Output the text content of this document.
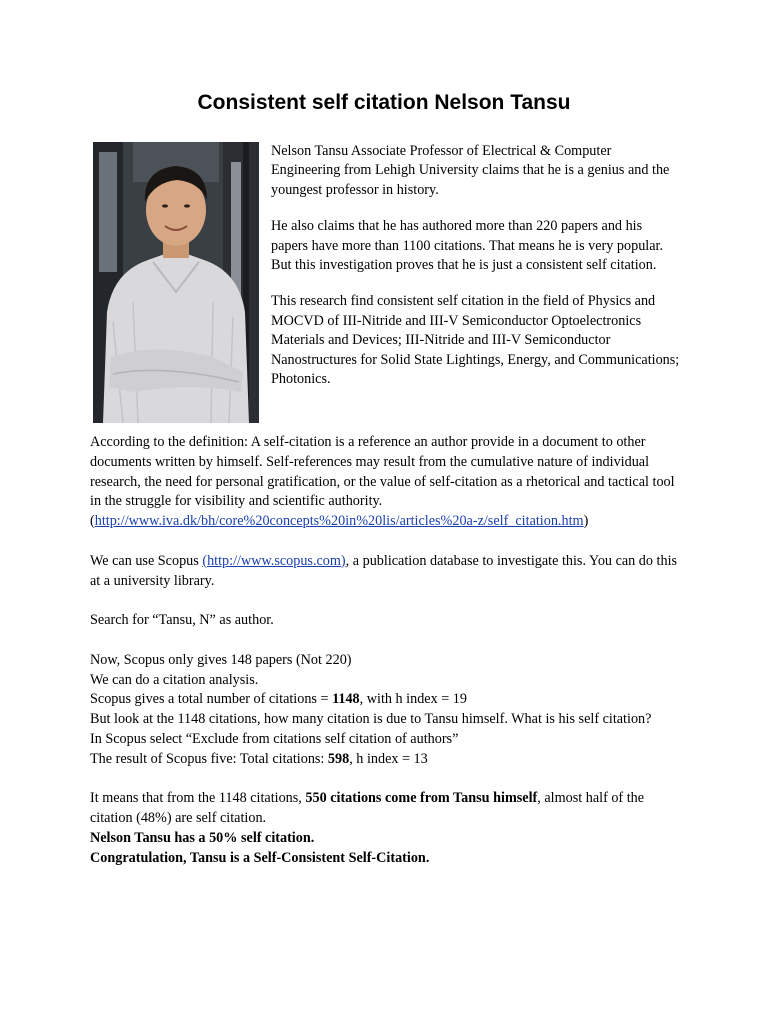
Consistent self citation Nelson Tansu

Nelson Tansu Associate Professor of Electrical & Computer Engineering from Lehigh University claims that he is a genius and the youngest professor in history.

He also claims that he has authored more than 220 papers and his papers have more than 1100 citations. That means he is very popular. But this investigation proves that he is just a consistent self citation.

This research find consistent self citation in the field of Physics and MOCVD of III-Nitride and III-V Semiconductor Optoelectronics Materials and Devices; III-Nitride and III-V Semiconductor Nanostructures for Solid State Lightings, Energy, and Communications; Photonics.

According to the definition: A self-citation is a reference an author provide in a document to other documents written by himself. Self-references may result from the cumulative nature of individual research, the need for personal gratification, or the value of self-citation as a rhetorical and tactical tool in the struggle for visibility and scientific authority. (http://www.iva.dk/bh/core%20concepts%20in%20lis/articles%20a-z/self_citation.htm)

We can use Scopus (http://www.scopus.com), a publication database to investigate this. You can do this at a university library.

Search for “Tansu, N” as author.

Now, Scopus only gives 148 papers (Not 220)
We can do a citation analysis.
Scopus gives a total number of citations = 1148, with h index = 19
But look at the 1148 citations, how many citation is due to Tansu himself. What is his self citation?
In Scopus select “Exclude from citations self citation of authors”
The result of Scopus five: Total citations: 598, h index = 13

It means that from the 1148 citations, 550 citations come from Tansu himself, almost half of the citation (48%) are self citation.
Nelson Tansu has a 50% self citation.
Congratulation, Tansu is a Self-Consistent Self-Citation.
